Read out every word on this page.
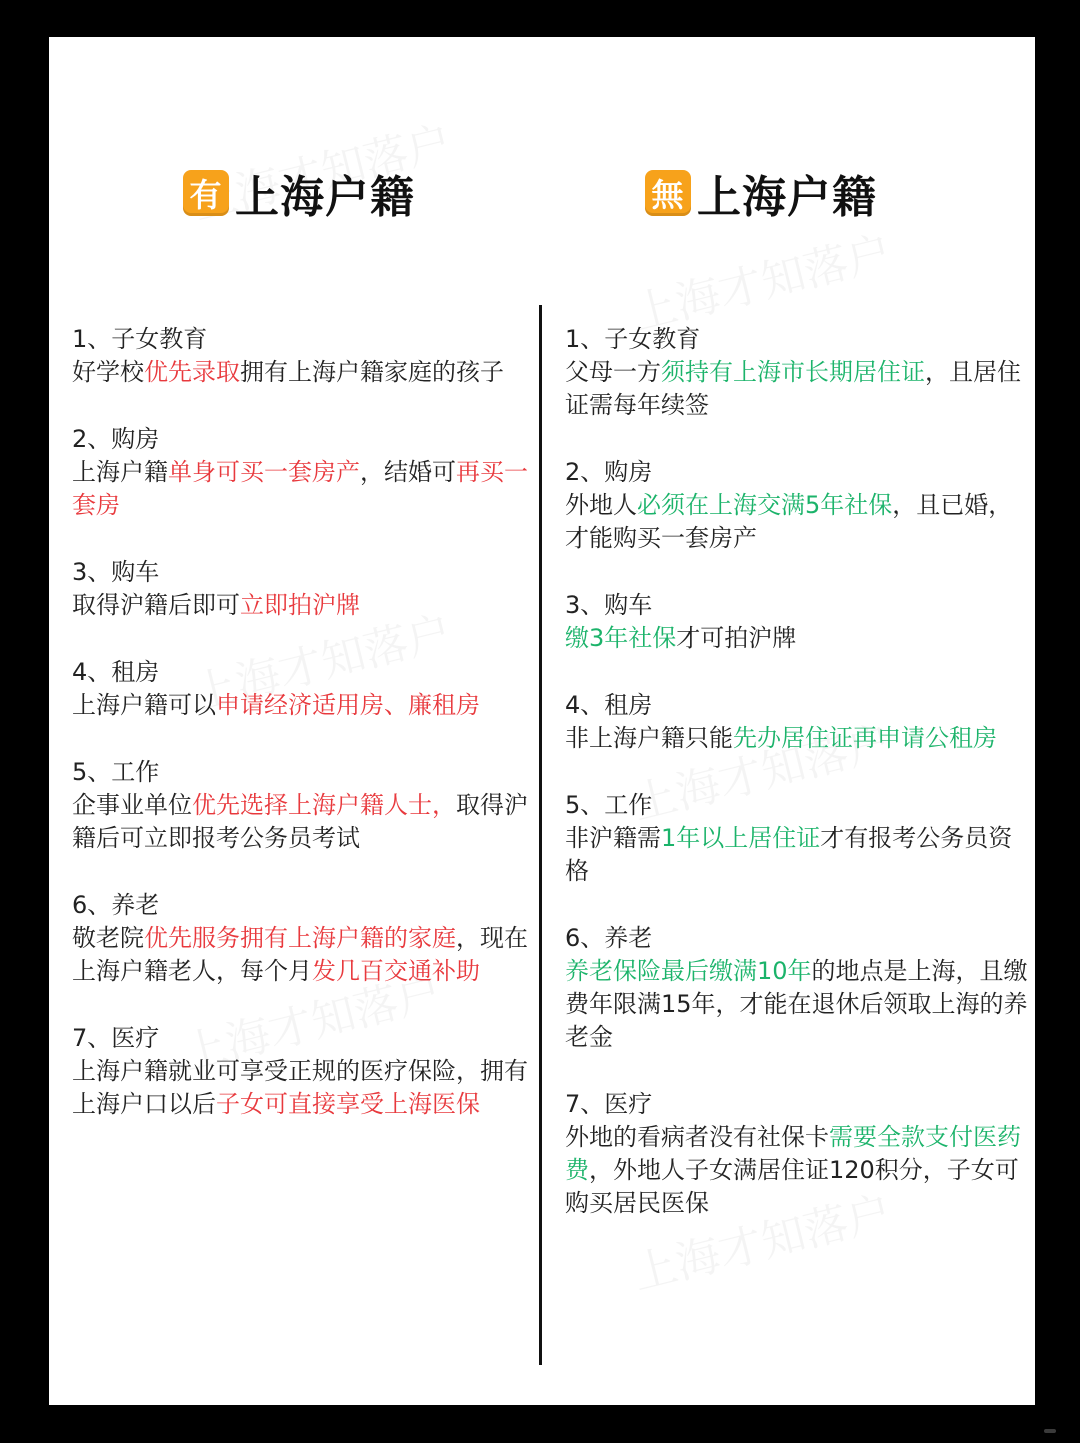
有 上海户籍	無 上海户籍

1、子女教育

好学校优先录取拥有上海户籍家庭的孩子

2、购房

上海户籍单身可买一套房产，结婚可再买一套房

3、购车

取得沪籍后即可立即拍沪牌

4、租房

上海户籍可以申请经济适用房、廉租房

5、工作

企事业单位优先选择上海户籍人士，取得沪籍后可立即报考公务员考试

6、养老

敬老院优先服务拥有上海户籍的家庭，现在上海户籍老人，每个月发几百交通补助

7、医疗

上海户籍就业可享受正规的医疗保险，拥有上海户口以后子女可直接享受上海医保

1、子女教育

父母一方须持有上海市长期居住证，且居住证需每年续签

2、购房

外地人必须在上海交满5年社保，且已婚，才能购买一套房产

3、购车

缴3年社保才可拍沪牌

4、租房

非上海户籍只能先办居住证再申请公租房

5、工作

非沪籍需1年以上居住证才有报考公务员资格

6、养老

养老保险最后缴满10年的地点是上海，且缴费年限满15年，才能在退休后领取上海的养老金

7、医疗

外地的看病者没有社保卡需要全款支付医药费，外地人子女满居住证120积分，子女可购买居民医保
